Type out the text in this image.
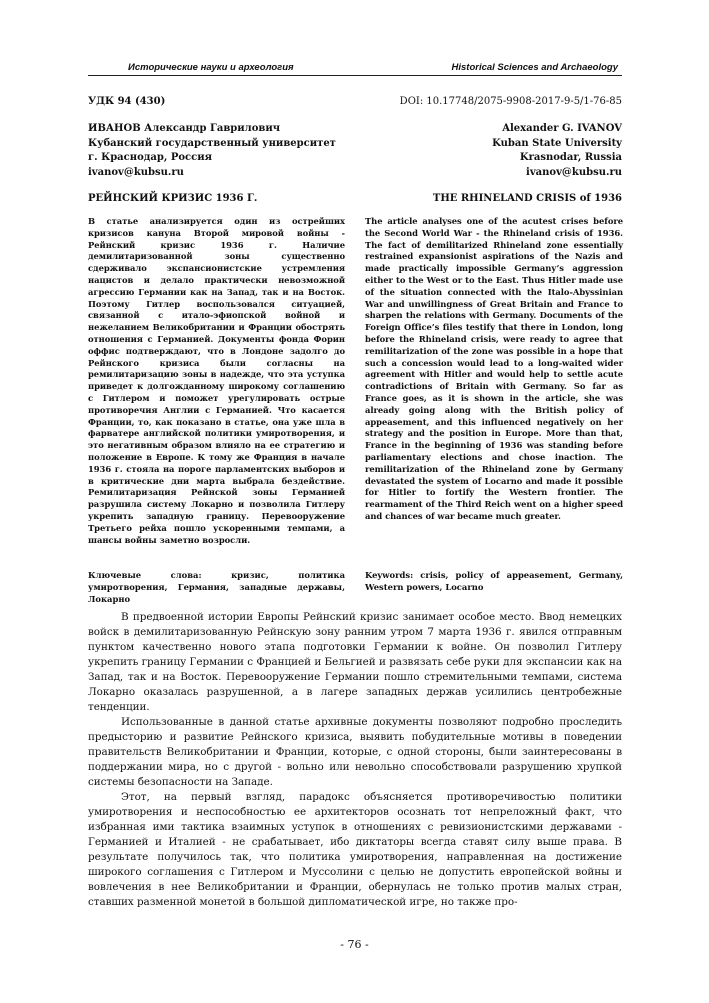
Исторические науки и археология	Historical Sciences and Archaeology
УДК 94 (430)	DOI: 10.17748/2075-9908-2017-9-5/1-76-85
ИВАНОВ Александр Гаврилович
Кубанский государственный университет
г. Краснодар, Россия
ivanov@kubsu.ru
Alexander G. IVANOV
Kuban State University
Krasnodar, Russia
ivanov@kubsu.ru
РЕЙНСКИЙ КРИЗИС 1936 Г.	THE RHINELAND CRISIS of 1936
В статье анализируется один из острейших кризисов кануна Второй мировой войны - Рейнский кризис 1936 г. Наличие демилитаризованной зоны существенно сдерживало экспансионистские устремления нацистов и делало практически невозможной агрессию Германии как на Запад, так и на Восток. Поэтому Гитлер воспользовался ситуацией, связанной с итало-эфиопской войной и нежеланием Великобритании и Франции обострять отношения с Германией. Документы фонда Форин оффис подтверждают, что в Лондоне задолго до Рейнского кризиса были согласны на ремилитаризацию зоны в надежде, что эта уступка приведет к долгожданному широкому соглашению с Гитлером и поможет урегулировать острые противоречия Англии с Германией. Что касается Франции, то, как показано в статье, она уже шла в фарватере английской политики умиротворения, и это негативным образом влияло на ее стратегию и положение в Европе. К тому же Франция в начале 1936 г. стояла на пороге парламентских выборов и в критические дни марта выбрала бездействие. Ремилитаризация Рейнской зоны Германией разрушила систему Локарно и позволила Гитлеру укрепить западную границу. Перевооружение Третьего рейха пошло ускоренными темпами, а шансы войны заметно возросли.
The article analyses one of the acutest crises before the Second World War - the Rhineland crisis of 1936. The fact of demilitarized Rhineland zone essentially restrained expansionist aspirations of the Nazis and made practically impossible Germany’s aggression either to the West or to the East. Thus Hitler made use of the situation connected with the Italo-Abyssinian War and unwillingness of Great Britain and France to sharpen the relations with Germany. Documents of the Foreign Office’s files testify that there in London, long before the Rhineland crisis, were ready to agree that remilitarization of the zone was possible in a hope that such a concession would lead to a long-waited wider agreement with Hitler and would help to settle acute contradictions of Britain with Germany. So far as France goes, as it is shown in the article, she was already going along with the British policy of appeasement, and this influenced negatively on her strategy and the position in Europe. More than that, France in the beginning of 1936 was standing before parliamentary elections and chose inaction. The remilitarization of the Rhineland zone by Germany devastated the system of Locarno and made it possible for Hitler to fortify the Western frontier. The rearmament of the Third Reich went on a higher speed and chances of war became much greater.
Ключевые слова: кризис, политика умиротворения, Германия, западные державы, Локарно
Keywords: crisis, policy of appeasement, Germany, Western powers, Locarno

В предвоенной истории Европы Рейнский кризис занимает особое место. Ввод немецких войск в демилитаризованную Рейнскую зону ранним утром 7 марта 1936 г. явился отправным пунктом качественно нового этапа подготовки Германии к войне. Он позволил Гитлеру укрепить границу Германии с Францией и Бельгией и развязать себе руки для экспансии как на Запад, так и на Восток. Перевооружение Германии пошло стремительными темпами, система Локарно оказалась разрушенной, а в лагере западных держав усилились центробежные тенденции.

Использованные в данной статье архивные документы позволяют подробно проследить предысторию и развитие Рейнского кризиса, выявить побудительные мотивы в поведении правительств Великобритании и Франции, которые, с одной стороны, были заинтересованы в поддержании мира, но с другой - вольно или невольно способствовали разрушению хрупкой системы безопасности на Западе.

Этот, на первый взгляд, парадокс объясняется противоречивостью политики умиротворения и неспособностью ее архитекторов осознать тот непреложный факт, что избранная ими тактика взаимных уступок в отношениях с ревизионистскими державами - Германией и Италией - не срабатывает, ибо диктаторы всегда ставят силу выше права. В результате получилось так, что политика умиротворения, направленная на достижение широкого соглашения с Гитлером и Муссолини с целью не допустить европейской войны и вовлечения в нее Великобритании и Франции, обернулась не только против малых стран, ставших разменной монетой в большой дипломатической игре, но также про-

- 76 -
